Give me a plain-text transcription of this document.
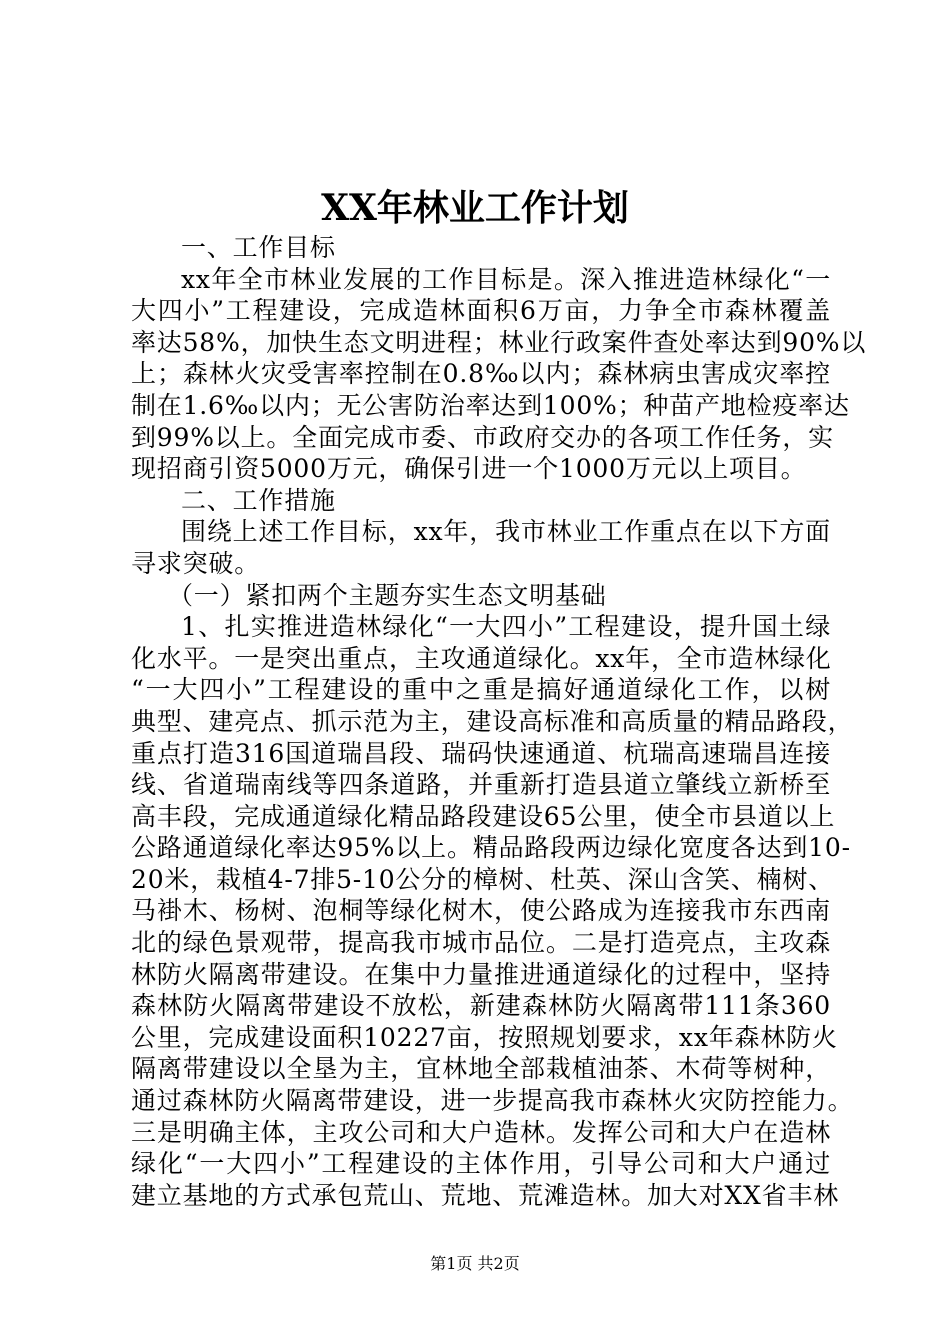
XX年林业工作计划
一、工作目标
xx年全市林业发展的工作目标是。深入推进造林绿化“一
大四小”工程建设，完成造林面积6万亩，力争全市森林覆盖
率达58%，加快生态文明进程；林业行政案件查处率达到90%以
上；森林火灾受害率控制在0.8‰以内；森林病虫害成灾率控
制在1.6‰以内；无公害防治率达到100%；种苗产地检疫率达
到99%以上。全面完成市委、市政府交办的各项工作任务，实
现招商引资5000万元，确保引进一个1000万元以上项目。
二、工作措施
围绕上述工作目标，xx年，我市林业工作重点在以下方面
寻求突破。
（一）紧扣两个主题夯实生态文明基础
1、扎实推进造林绿化“一大四小”工程建设，提升国土绿
化水平。一是突出重点，主攻通道绿化。xx年，全市造林绿化
“一大四小”工程建设的重中之重是搞好通道绿化工作，以树
典型、建亮点、抓示范为主，建设高标准和高质量的精品路段，
重点打造316国道瑞昌段、瑞码快速通道、杭瑞高速瑞昌连接
线、省道瑞南线等四条道路，并重新打造县道立肇线立新桥至
高丰段，完成通道绿化精品路段建设65公里，使全市县道以上
公路通道绿化率达95%以上。精品路段两边绿化宽度各达到10-
20米，栽植4-7排5-10公分的樟树、杜英、深山含笑、楠树、
马褂木、杨树、泡桐等绿化树木，使公路成为连接我市东西南
北的绿色景观带，提高我市城市品位。二是打造亮点，主攻森
林防火隔离带建设。在集中力量推进通道绿化的过程中，坚持
森林防火隔离带建设不放松，新建森林防火隔离带111条360
公里，完成建设面积10227亩，按照规划要求，xx年森林防火
隔离带建设以全垦为主，宜林地全部栽植油茶、木荷等树种，
通过森林防火隔离带建设，进一步提高我市森林火灾防控能力。
三是明确主体，主攻公司和大户造林。发挥公司和大户在造林
绿化“一大四小”工程建设的主体作用，引导公司和大户通过
建立基地的方式承包荒山、荒地、荒滩造林。加大对XX省丰林
第1页 共2页
